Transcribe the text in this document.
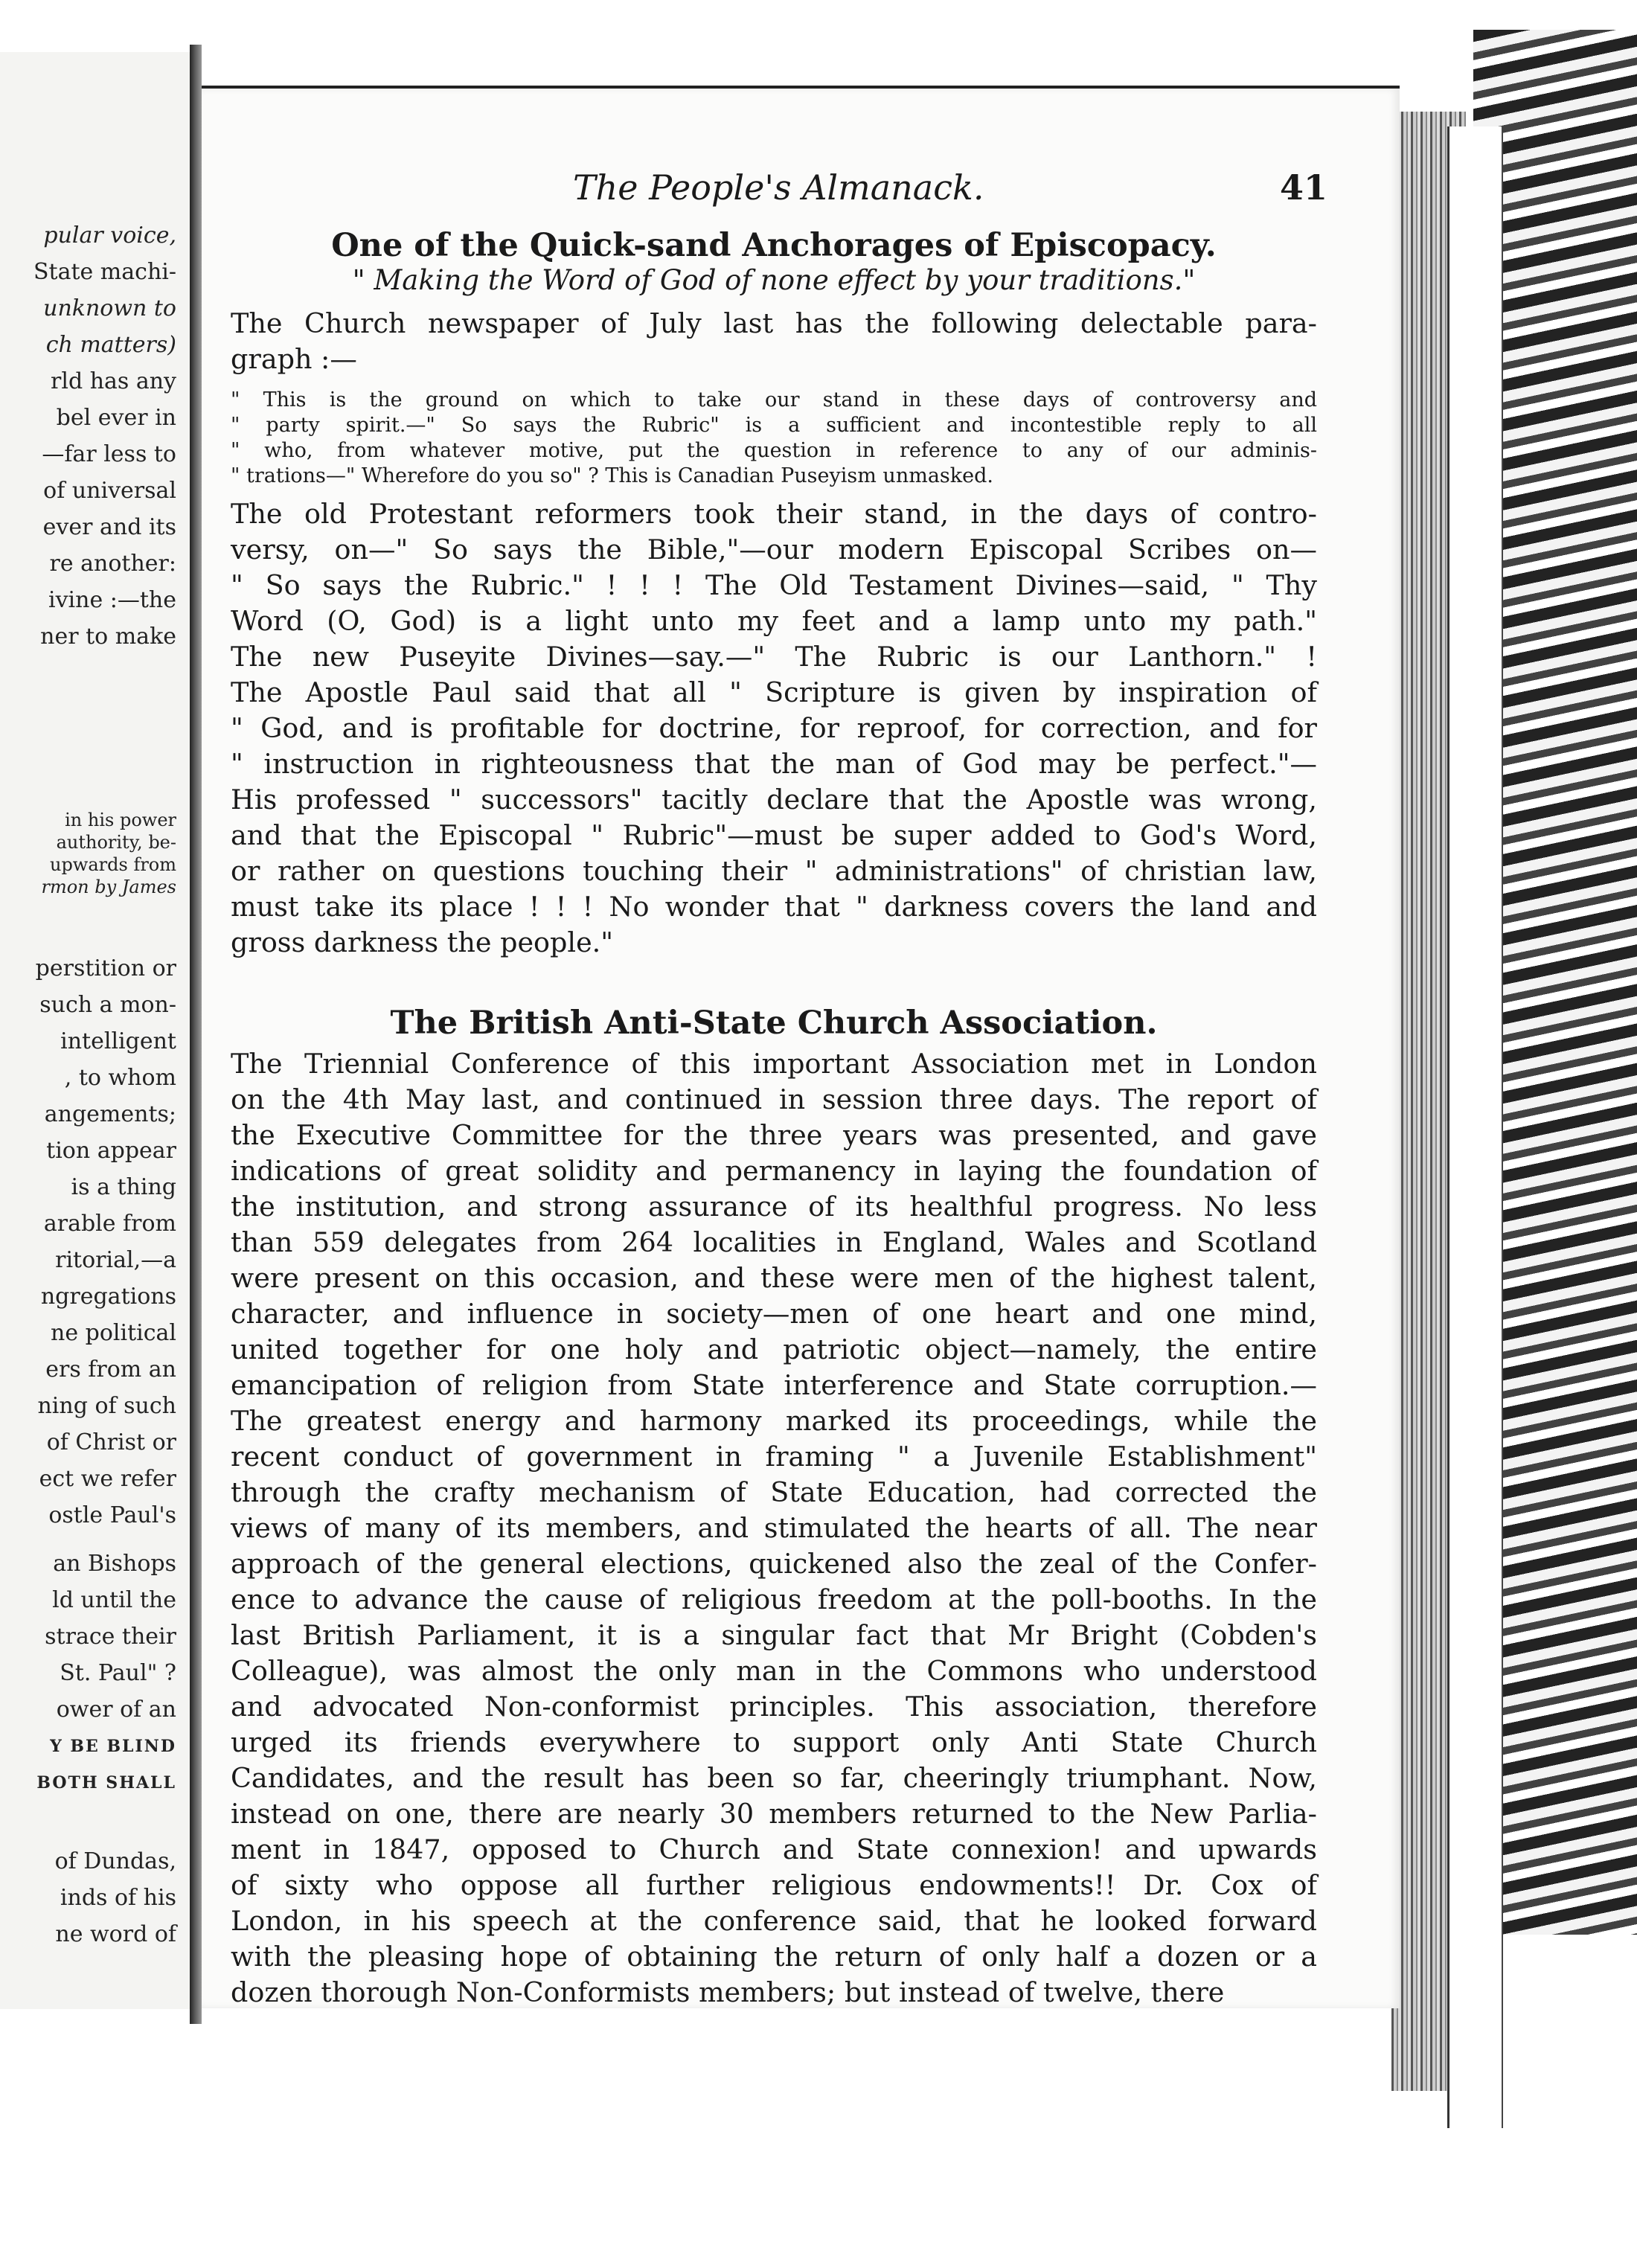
pular voice,
State machi-
unknown to
ch matters)
rld has any
bel ever in
—far less to
of universal
ever and its
re another:
ivine :—the
ner to make
in his power
authority, be-
upwards from
rmon by James
perstition or
such a mon-
intelligent
, to whom
angements;
tion appear
is a thing
arable from
ritorial,—a
ngregations
ne political
ers from an
ning of such
of Christ or
ect we refer
ostle Paul's
an Bishops
ld until the
strace their
St. Paul" ?
ower of an
Y BE BLIND
BOTH SHALL
of Dundas,
inds of his
ne word of
The People's Almanack.	41
One of the Quick-sand Anchorages of Episcopacy.
" Making the Word of God of none effect by your traditions."
The Church newspaper of July last has the following delectable para-
graph :—
" This is the ground on which to take our stand in these days of controversy and
" party spirit.—" So says the Rubric" is a sufficient and incontestible reply to all
" who, from whatever motive, put the question in reference to any of our adminis-
" trations—" Wherefore do you so" ? This is Canadian Puseyism unmasked.
The old Protestant reformers took their stand, in the days of contro-
versy, on—" So says the Bible,"—our modern Episcopal Scribes on—
" So says the Rubric." ! ! ! The Old Testament Divines—said, " Thy
Word (O, God) is a light unto my feet and a lamp unto my path."
The new Puseyite Divines—say.—" The Rubric is our Lanthorn." !
The Apostle Paul said that all " Scripture is given by inspiration of
" God, and is profitable for doctrine, for reproof, for correction, and for
" instruction in righteousness that the man of God may be perfect."—
His professed " successors" tacitly declare that the Apostle was wrong,
and that the Episcopal " Rubric"—must be super added to God's Word,
or rather on questions touching their " administrations" of christian law,
must take its place ! ! ! No wonder that " darkness covers the land and
gross darkness the people."
The British Anti-State Church Association.
The Triennial Conference of this important Association met in London
on the 4th May last, and continued in session three days. The report of
the Executive Committee for the three years was presented, and gave
indications of great solidity and permanency in laying the foundation of
the institution, and strong assurance of its healthful progress. No less
than 559 delegates from 264 localities in England, Wales and Scotland
were present on this occasion, and these were men of the highest talent,
character, and influence in society—men of one heart and one mind,
united together for one holy and patriotic object—namely, the entire
emancipation of religion from State interference and State corruption.—
The greatest energy and harmony marked its proceedings, while the
recent conduct of government in framing " a Juvenile Establishment"
through the crafty mechanism of State Education, had corrected the
views of many of its members, and stimulated the hearts of all. The near
approach of the general elections, quickened also the zeal of the Confer-
ence to advance the cause of religious freedom at the poll-booths. In the
last British Parliament, it is a singular fact that Mr Bright (Cobden's
Colleague), was almost the only man in the Commons who understood
and advocated Non-conformist principles. This association, therefore
urged its friends everywhere to support only Anti State Church
Candidates, and the result has been so far, cheeringly triumphant. Now,
instead on one, there are nearly 30 members returned to the New Parlia-
ment in 1847, opposed to Church and State connexion! and upwards
of sixty who oppose all further religious endowments!! Dr. Cox of
London, in his speech at the conference said, that he looked forward
with the pleasing hope of obtaining the return of only half a dozen or a
dozen thorough Non-Conformists members; but instead of twelve, there
